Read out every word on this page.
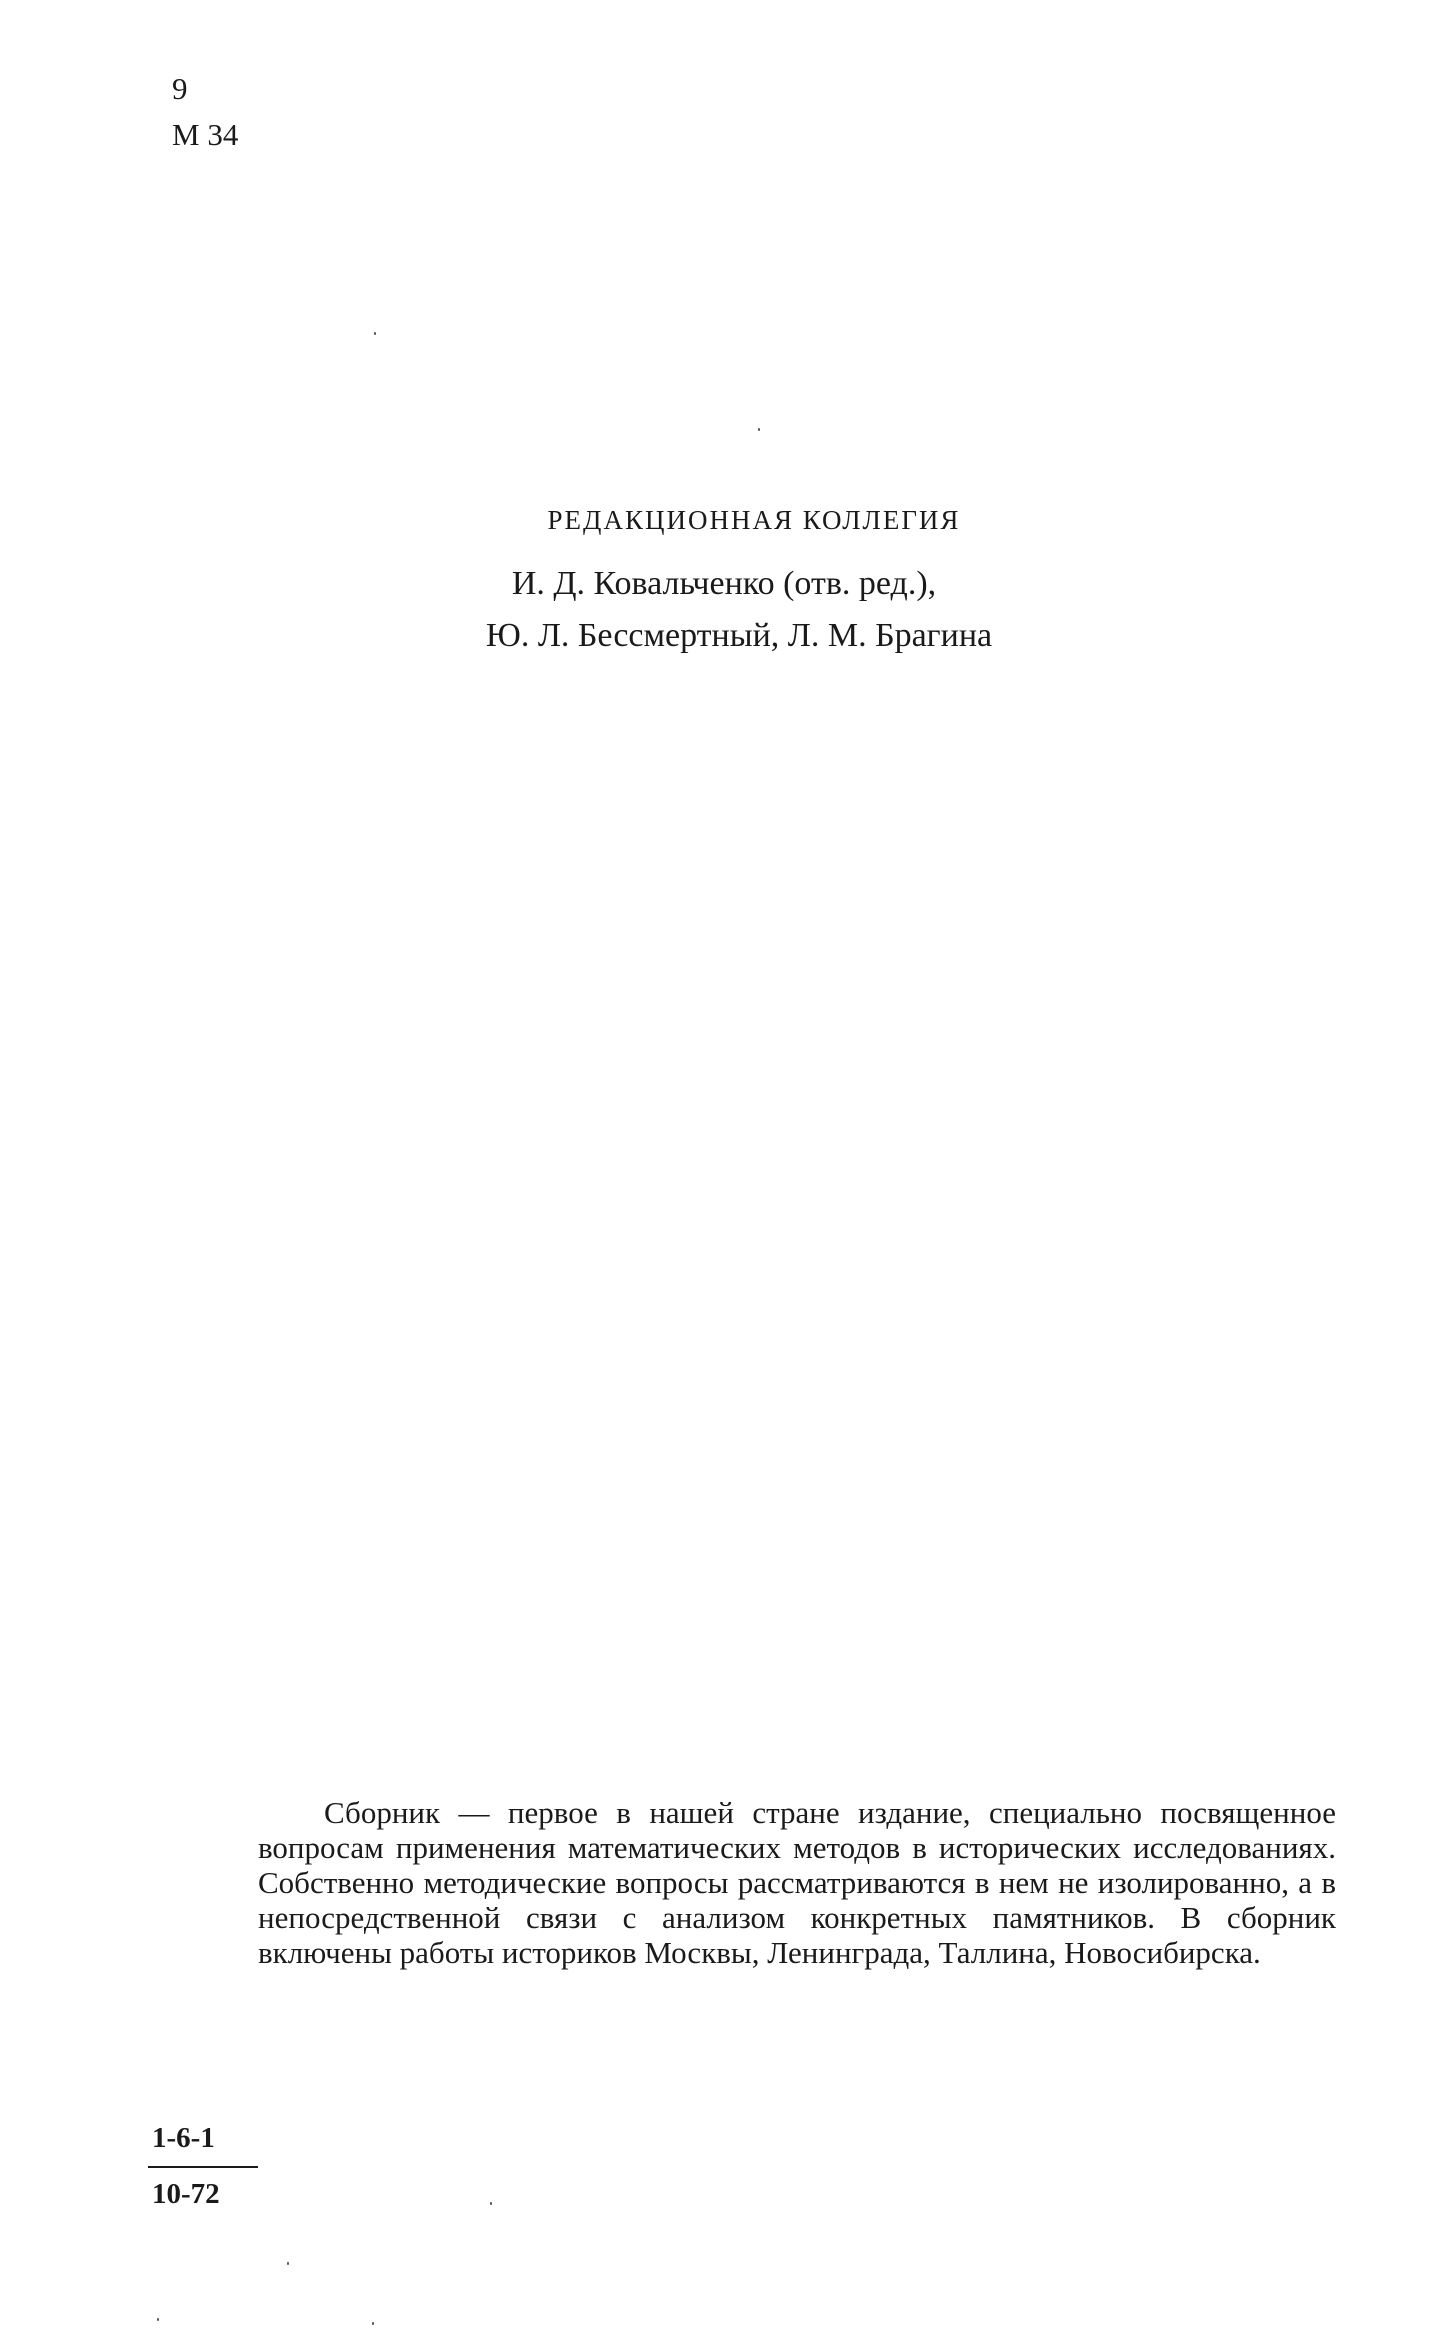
9
М 34
РЕДАКЦИОННАЯ КОЛЛЕГИЯ
И. Д. Ковальченко (отв. ред.),
Ю. Л. Бессмертный, Л. М. Брагина
Сборник — первое в нашей стране издание, специально посвященное вопросам применения математических методов в исторических исследованиях. Собственно методические вопросы рассматриваются в нем не изолированно, а в непосредственной связи с анализом конкретных памятников. В сборник включены работы историков Москвы, Ленинграда, Таллина, Новосибирска.
$\frac{1-6-1}{10-72}$
